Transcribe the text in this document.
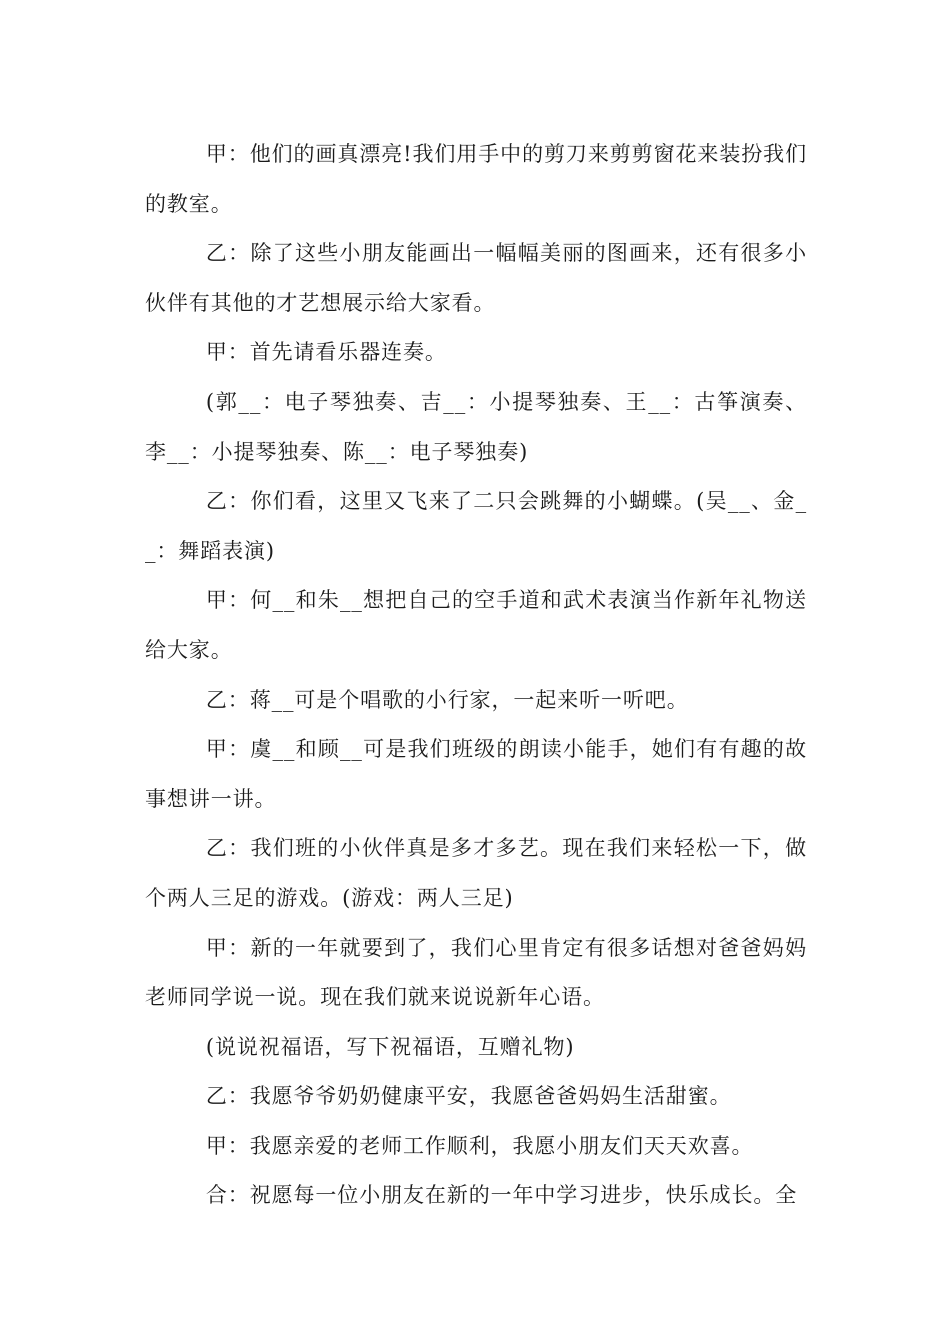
甲：他们的画真漂亮!我们用手中的剪刀来剪剪窗花来装扮我们的教室。

乙：除了这些小朋友能画出一幅幅美丽的图画来，还有很多小伙伴有其他的才艺想展示给大家看。

甲：首先请看乐器连奏。

(郭__：电子琴独奏、吉__：小提琴独奏、王__：古筝演奏、李__：小提琴独奏、陈__：电子琴独奏)

乙：你们看，这里又飞来了二只会跳舞的小蝴蝶。(吴__、金__：舞蹈表演)

甲：何__和朱__想把自己的空手道和武术表演当作新年礼物送给大家。

乙：蒋__可是个唱歌的小行家，一起来听一听吧。

甲：虞__和顾__可是我们班级的朗读小能手，她们有有趣的故事想讲一讲。

乙：我们班的小伙伴真是多才多艺。现在我们来轻松一下，做个两人三足的游戏。(游戏：两人三足)

甲：新的一年就要到了，我们心里肯定有很多话想对爸爸妈妈老师同学说一说。现在我们就来说说新年心语。

(说说祝福语，写下祝福语，互赠礼物)

乙：我愿爷爷奶奶健康平安，我愿爸爸妈妈生活甜蜜。

甲：我愿亲爱的老师工作顺利，我愿小朋友们天天欢喜。

合：祝愿每一位小朋友在新的一年中学习进步，快乐成长。全
